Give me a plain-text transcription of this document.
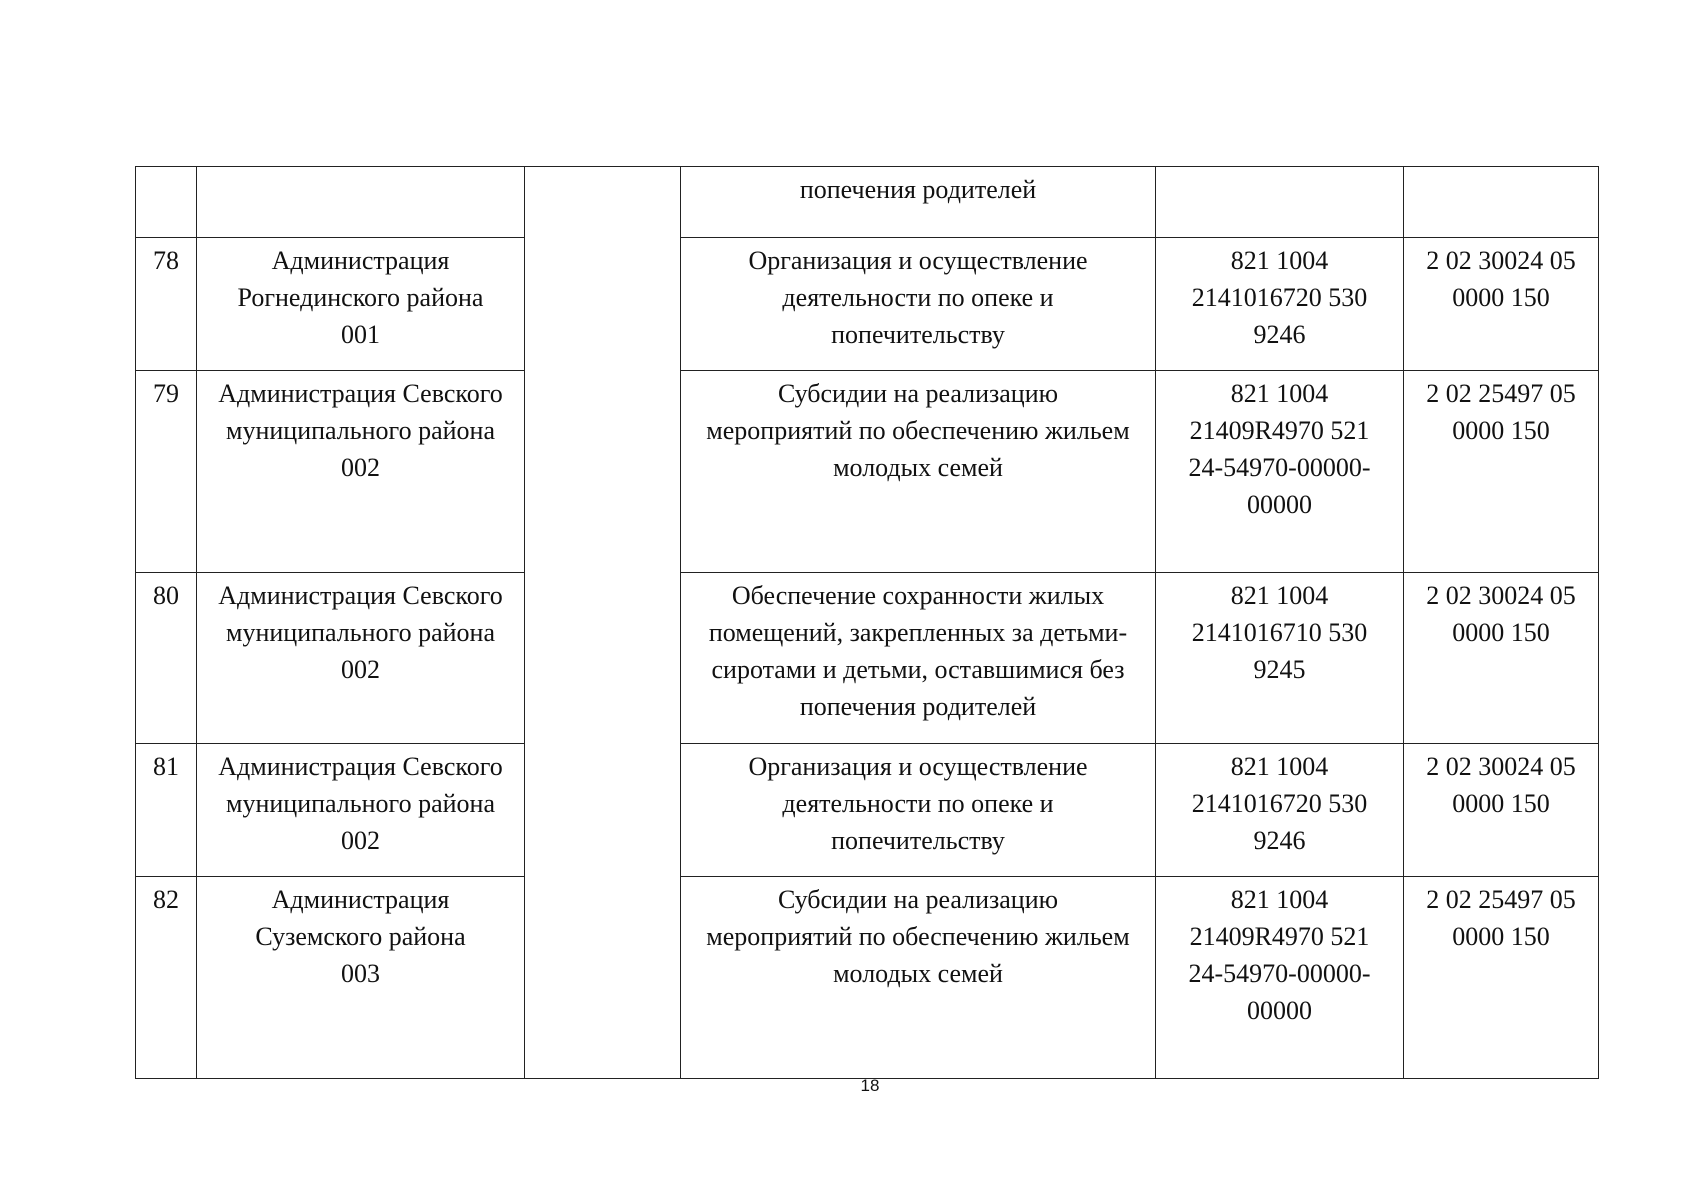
			попечения родителей		
78	Администрация
Рогнединского района
001		Организация и осуществление
деятельности по опеке и
попечительству	821 1004
2141016720 530
9246	2 02 30024 05
0000 150
79	Администрация Севского
муниципального района
002		Субсидии на реализацию
мероприятий по обеспечению жильем
молодых семей	821 1004
21409R4970 521
24-54970-00000-
00000	2 02 25497 05
0000 150
80	Администрация Севского
муниципального района
002		Обеспечение сохранности жилых
помещений, закрепленных за детьми-
сиротами и детьми, оставшимися без
попечения родителей	821 1004
2141016710 530
9245	2 02 30024 05
0000 150
81	Администрация Севского
муниципального района
002		Организация и осуществление
деятельности по опеке и
попечительству	821 1004
2141016720 530
9246	2 02 30024 05
0000 150
82	Администрация
Суземского района
003		Субсидии на реализацию
мероприятий по обеспечению жильем
молодых семей	821 1004
21409R4970 521
24-54970-00000-
00000	2 02 25497 05
0000 150
18
